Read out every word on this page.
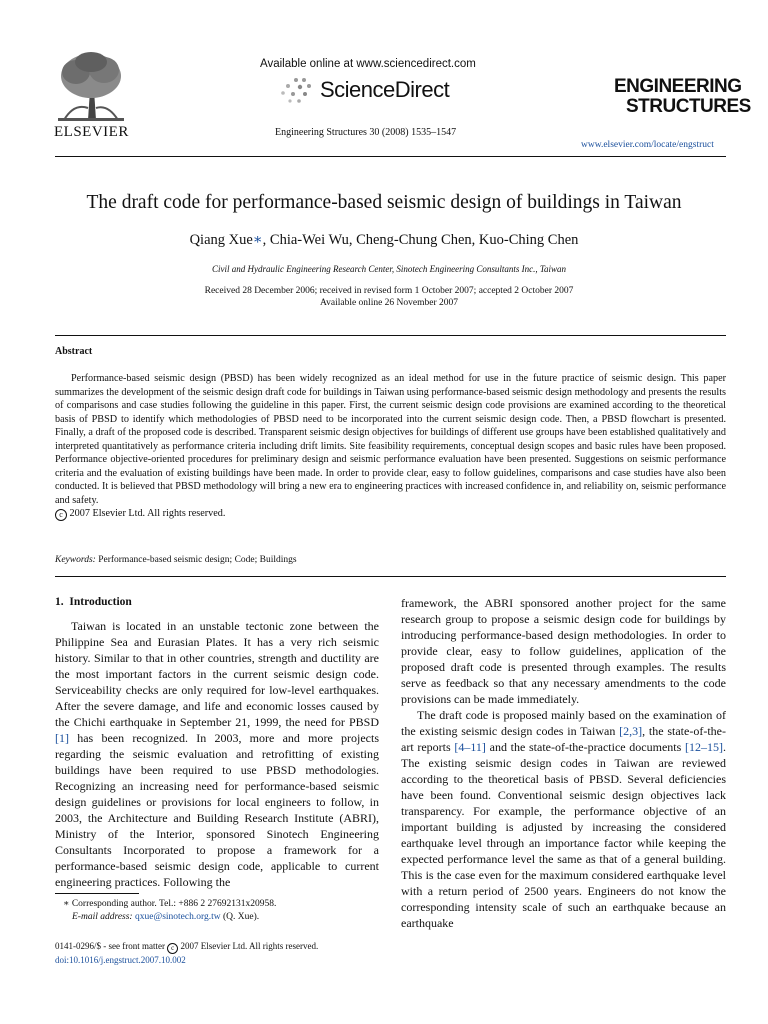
ELSEVIER
Available online at www.sciencedirect.com
ScienceDirect
Engineering Structures 30 (2008) 1535–1547
ENGINEERING
STRUCTURES
www.elsevier.com/locate/engstruct
The draft code for performance-based seismic design of buildings in Taiwan
Qiang Xue∗, Chia-Wei Wu, Cheng-Chung Chen, Kuo-Ching Chen
Civil and Hydraulic Engineering Research Center, Sinotech Engineering Consultants Inc., Taiwan
Received 28 December 2006; received in revised form 1 October 2007; accepted 2 October 2007
Available online 26 November 2007
Abstract

Performance-based seismic design (PBSD) has been widely recognized as an ideal method for use in the future practice of seismic design. This paper summarizes the development of the seismic design draft code for buildings in Taiwan using performance-based seismic design methodology and presents the results of comparisons and case studies following the guideline in this paper. First, the current seismic design code provisions are examined according to the theoretical basis of PBSD to identify which methodologies of PBSD need to be incorporated into the current seismic design code. Then, a PBSD flowchart is presented. Finally, a draft of the proposed code is described. Transparent seismic design objectives for buildings of different use groups have been established qualitatively and interpreted quantitatively as performance criteria including drift limits. Site feasibility requirements, conceptual design scopes and basic rules have been proposed. Performance objective-oriented procedures for preliminary design and seismic performance evaluation have been presented. Suggestions on seismic performance criteria and the evaluation of existing buildings have been made. In order to provide clear, easy to follow guidelines, comparisons and case studies have also been conducted. It is believed that PBSD methodology will bring a new era to engineering practices with increased confidence in, and reliability on, seismic performance and safety.

c 2007 Elsevier Ltd. All rights reserved.

Keywords: Performance-based seismic design; Code; Buildings
1.  Introduction

Taiwan is located in an unstable tectonic zone between the Philippine Sea and Eurasian Plates. It has a very rich seismic history. Similar to that in other countries, strength and ductility are the most important factors in the current seismic design code. Serviceability checks are only required for low-level earthquakes. After the severe damage, and life and economic losses caused by the Chichi earthquake in September 21, 1999, the need for PBSD [1] has been recognized. In 2003, more and more projects regarding the seismic evaluation and retrofitting of existing buildings have been required to use PBSD methodologies. Recognizing an increasing need for performance-based seismic design guidelines or provisions for local engineers to follow, in 2003, the Architecture and Building Research Institute (ABRI), Ministry of the Interior, sponsored Sinotech Engineering Consultants Incorporated to propose a framework for a performance-based seismic design code, applicable to current engineering practices. Following the

framework, the ABRI sponsored another project for the same research group to propose a seismic design code for buildings by introducing performance-based design methodologies. In order to provide clear, easy to follow guidelines, application of the proposed draft code is presented through examples. The results serve as feedback so that any necessary amendments to the code provisions can be made immediately.

The draft code is proposed mainly based on the examination of the existing seismic design codes in Taiwan [2,3], the state-of-the-art reports [4–11] and the state-of-the-practice documents [12–15]. The existing seismic design codes in Taiwan are reviewed according to the theoretical basis of PBSD. Several deficiencies have been found. Conventional seismic design objectives lack transparency. For example, the performance objective of an important building is adjusted by increasing the considered earthquake level through an importance factor while keeping the expected performance level the same as that of a general building. This is the case even for the maximum considered earthquake level with a return period of 2500 years. Engineers do not know the corresponding intensity scale of such an earthquake because an earthquake

∗ Corresponding author. Tel.: +886 2 27692131x20958.
E-mail address: qxue@sinotech.org.tw (Q. Xue).
0141-0296/$ - see front matter c 2007 Elsevier Ltd. All rights reserved.
doi:10.1016/j.engstruct.2007.10.002
